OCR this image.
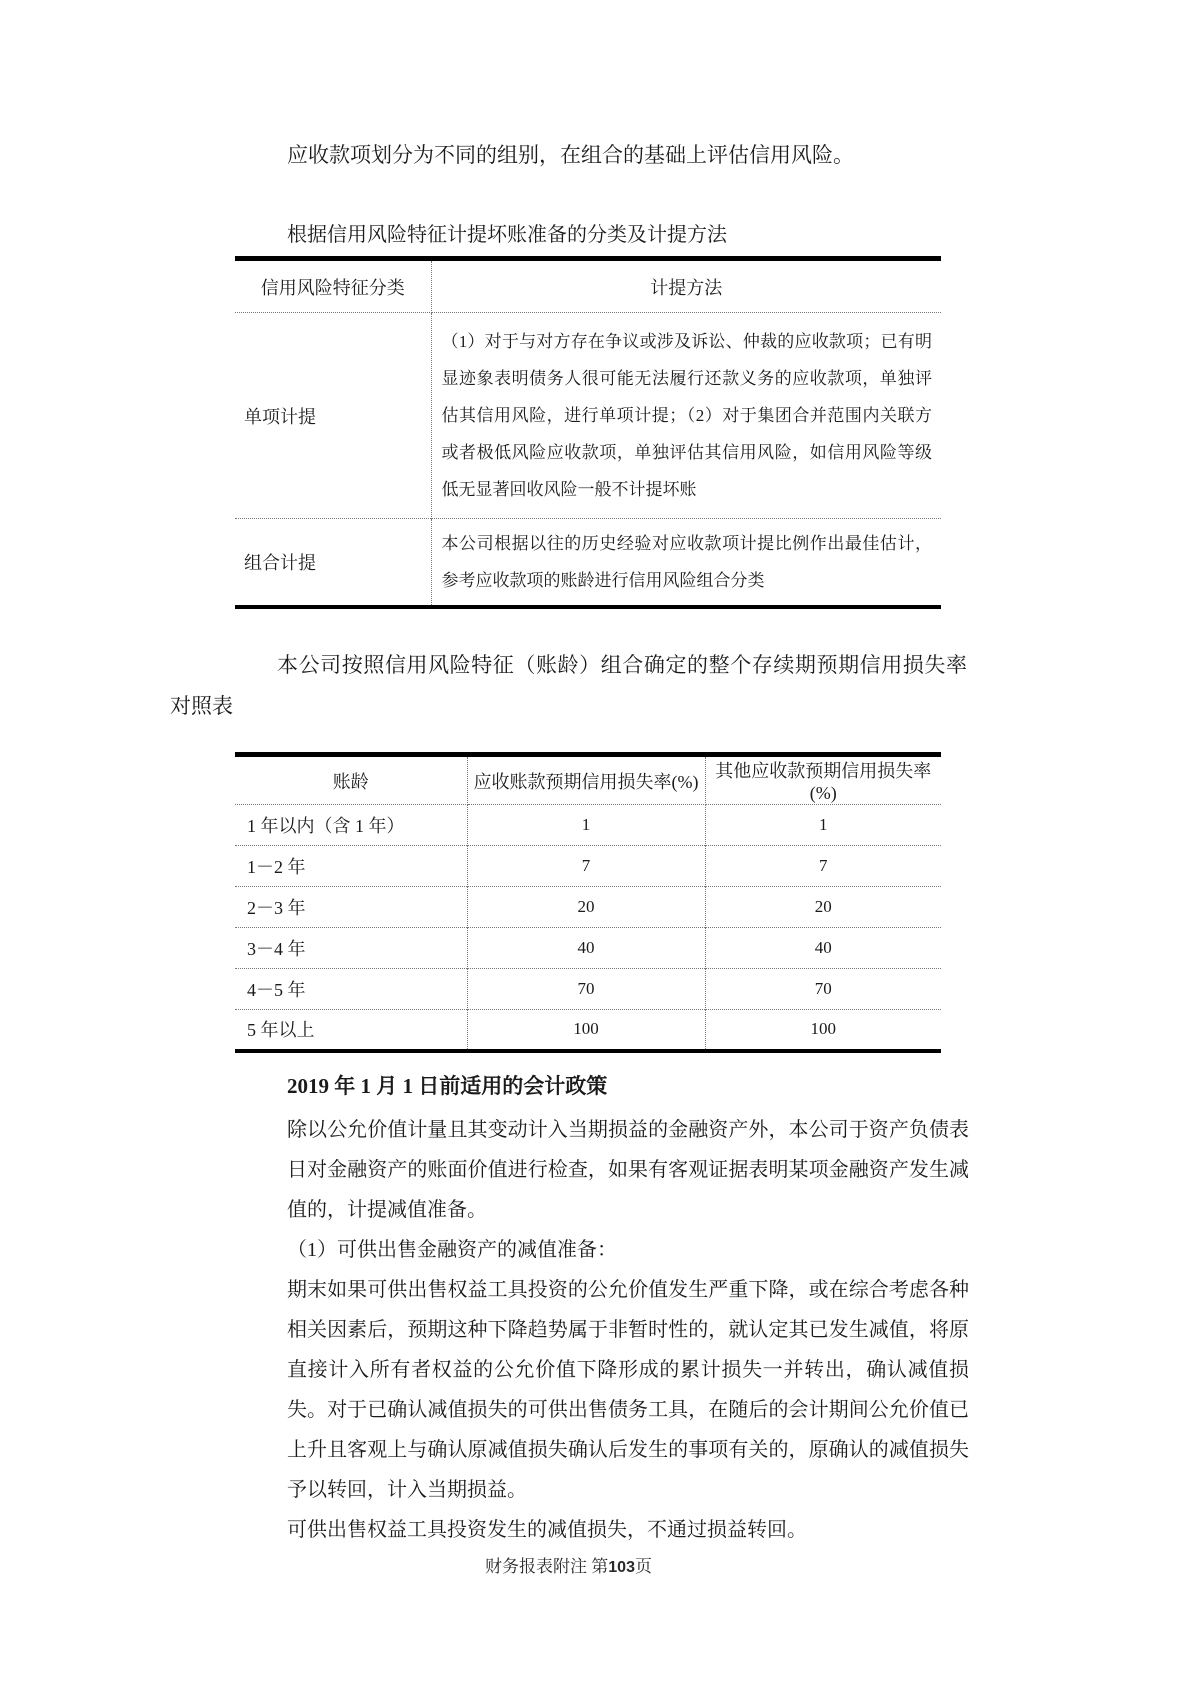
应收款项划分为不同的组别，在组合的基础上评估信用风险。

根据信用风险特征计提坏账准备的分类及计提方法
信用风险特征分类	计提方法
单项计提	（1）对于与对方存在争议或涉及诉讼、仲裁的应收款项；已有明显迹象表明债务人很可能无法履行还款义务的应收款项，单独评估其信用风险，进行单项计提；（2）对于集团合并范围内关联方或者极低风险应收款项，单独评估其信用风险，如信用风险等级低无显著回收风险一般不计提坏账
组合计提	本公司根据以往的历史经验对应收款项计提比例作出最佳估计，参考应收款项的账龄进行信用风险组合分类

本公司按照信用风险特征（账龄）组合确定的整个存续期预期信用损失率对照表

账龄	应收账款预期信用损失率(%)	其他应收款预期信用损失率(%)
1 年以内（含 1 年）	1	1
1－2 年	7	7
2－3 年	20	20
3－4 年	40	40
4－5 年	70	70
5 年以上	100	100
2019 年 1 月 1 日前适用的会计政策

除以公允价值计量且其变动计入当期损益的金融资产外，本公司于资产负债表日对金融资产的账面价值进行检查，如果有客观证据表明某项金融资产发生减值的，计提减值准备。

（1）可供出售金融资产的减值准备：

期末如果可供出售权益工具投资的公允价值发生严重下降，或在综合考虑各种相关因素后，预期这种下降趋势属于非暂时性的，就认定其已发生减值，将原直接计入所有者权益的公允价值下降形成的累计损失一并转出，确认减值损失。对于已确认减值损失的可供出售债务工具，在随后的会计期间公允价值已上升且客观上与确认原减值损失确认后发生的事项有关的，原确认的减值损失予以转回，计入当期损益。

可供出售权益工具投资发生的减值损失，不通过损益转回。

财务报表附注 第103页
